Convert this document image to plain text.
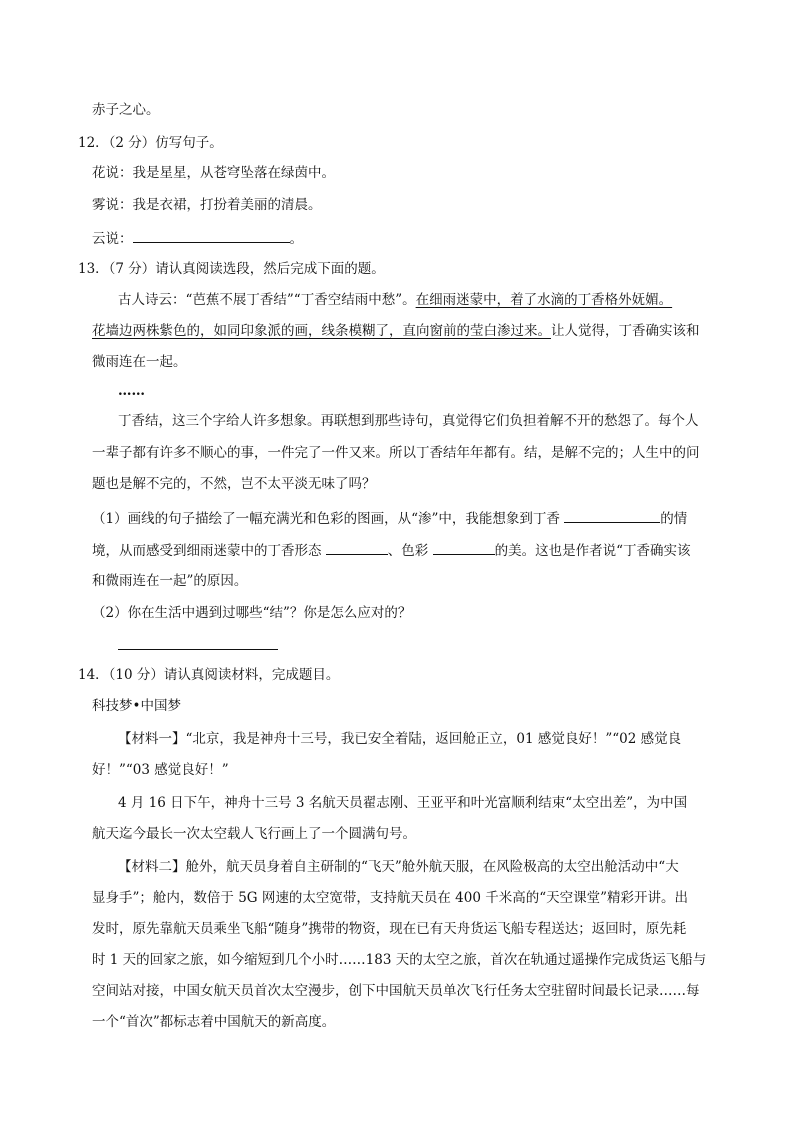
赤子之心。
12．（2 分）仿写句子。
花说：我是星星，从苍穹坠落在绿茵中。
雾说：我是衣裙，打扮着美丽的清晨。
云说：	。
13．（7 分）请认真阅读选段，然后完成下面的题。
古人诗云：“芭蕉不展丁香结”“丁香空结雨中愁”。在细雨迷蒙中，着了水滴的丁香格外妩媚。
花墙边两株紫色的，如同印象派的画，线条模糊了，直向窗前的莹白渗过来。让人觉得，丁香确实该和
微雨连在一起。
……
丁香结，这三个字给人许多想象。再联想到那些诗句，真觉得它们负担着解不开的愁怨了。每个人
一辈子都有许多不顺心的事，一件完了一件又来。所以丁香结年年都有。结，是解不完的；人生中的问
题也是解不完的，不然，岂不太平淡无味了吗？
（1）画线的句子描绘了一幅充满光和色彩的图画，从“渗”中，我能想象到丁香	的情
境，从而感受到细雨迷蒙中的丁香形态	、色彩	的美。这也是作者说“丁香确实该
和微雨连在一起”的原因。
（2）你在生活中遇到过哪些“结”？你是怎么应对的？
14．（10 分）请认真阅读材料，完成题目。
科技梦•中国梦
【材料一】“北京，我是神舟十三号，我已安全着陆，返回舱正立，01 感觉良好！”“02 感觉良
好！”“03 感觉良好！”
4 月 16 日下午，神舟十三号 3 名航天员翟志刚、王亚平和叶光富顺利结束“太空出差”，为中国
航天迄今最长一次太空载人飞行画上了一个圆满句号。
【材料二】舱外，航天员身着自主研制的“飞天”舱外航天服，在风险极高的太空出舱活动中“大
显身手”；舱内，数倍于 5G 网速的太空宽带，支持航天员在 400 千米高的“天空课堂”精彩开讲。出
发时，原先靠航天员乘坐飞船“随身”携带的物资，现在已有天舟货运飞船专程送达；返回时，原先耗
时 1 天的回家之旅，如今缩短到几个小时……183 天的太空之旅，首次在轨通过遥操作完成货运飞船与
空间站对接，中国女航天员首次太空漫步，创下中国航天员单次飞行任务太空驻留时间最长记录……每
一个“首次”都标志着中国航天的新高度。
